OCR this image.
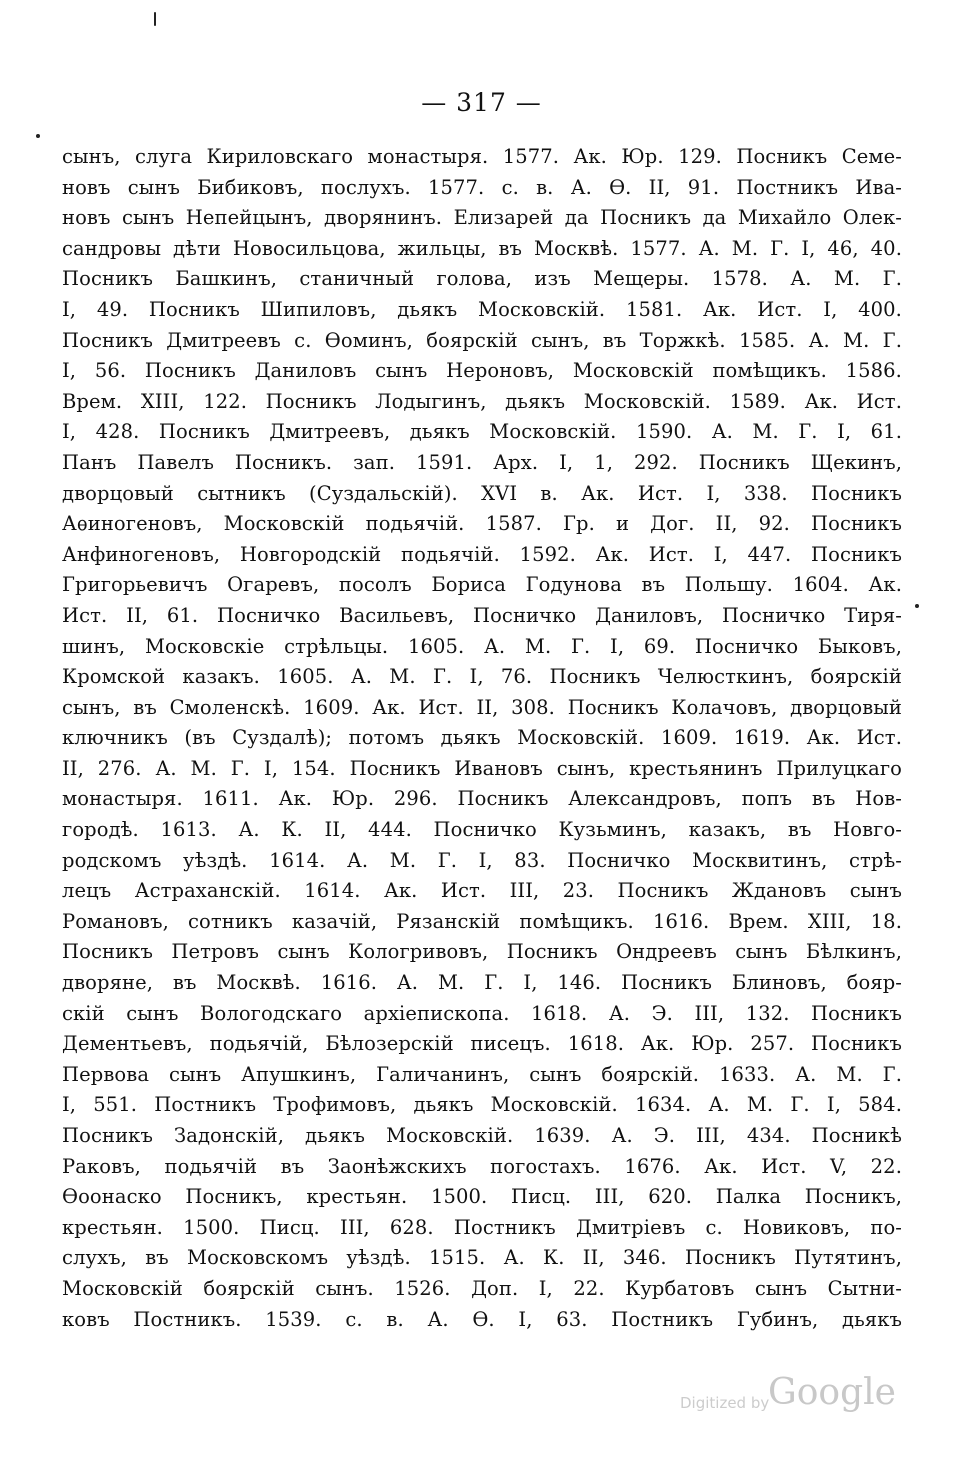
— 317 —
сынъ, слуга Кириловскаго монастыря. 1577. Ак. Юр. 129. Посникъ Семе-
новъ сынъ Бибиковъ, послухъ. 1577. с. в. А. Ѳ. II, 91. Постникъ Ива-
новъ сынъ Непейцынъ, дворянинъ. Елизарей да Посникъ да Михайло Олек-
сандровы дѣти Новосильцова, жильцы, въ Москвѣ. 1577. А. М. Г. I, 46, 40.
Посникъ Башкинъ, станичный голова, изъ Мещеры. 1578. А. М. Г.
I, 49. Посникъ Шипиловъ, дьякъ Московскій. 1581. Ак. Ист. I, 400.
Посникъ Дмитреевъ с. Ѳоминъ, боярскій сынъ, въ Торжкѣ. 1585. А. М. Г.
I, 56. Посникъ Даниловъ сынъ Нероновъ, Московскій помѣщикъ. 1586.
Врем. XIII, 122. Посникъ Лодыгинъ, дьякъ Московскій. 1589. Ак. Ист.
I, 428. Посникъ Дмитреевъ, дьякъ Московскій. 1590. А. М. Г. I, 61.
Панъ Павелъ Посникъ. зап. 1591. Арх. I, 1, 292. Посникъ Щекинъ,
дворцовый сытникъ (Суздальскій). XVI в. Ак. Ист. I, 338. Посникъ
Аѳиногеновъ, Московскій подьячій. 1587. Гр. и Дог. II, 92. Посникъ
Анфиногеновъ, Новгородскій подьячій. 1592. Ак. Ист. I, 447. Посникъ
Григорьевичъ Огаревъ, посолъ Бориса Годунова въ Польшу. 1604. Ак.
Ист. II, 61. Посничко Васильевъ, Посничко Даниловъ, Посничко Тиря-
шинъ, Московскіе стрѣльцы. 1605. А. М. Г. I, 69. Посничко Быковъ,
Кромской казакъ. 1605. А. М. Г. I, 76. Посникъ Челюсткинъ, боярскій
сынъ, въ Смоленскѣ. 1609. Ак. Ист. II, 308. Посникъ Колачовъ, дворцовый
ключникъ (въ Суздалѣ); потомъ дьякъ Московскій. 1609. 1619. Ак. Ист.
II, 276. А. М. Г. I, 154. Посникъ Ивановъ сынъ, крестьянинъ Прилуцкаго
монастыря. 1611. Ак. Юр. 296. Посникъ Александровъ, попъ въ Нов-
городѣ. 1613. А. К. II, 444. Посничко Кузьминъ, казакъ, въ Новго-
родскомъ уѣздѣ. 1614. А. М. Г. I, 83. Посничко Москвитинъ, стрѣ-
лецъ Астраханскій. 1614. Ак. Ист. III, 23. Посникъ Ждановъ сынъ
Романовъ, сотникъ казачій, Рязанскій помѣщикъ. 1616. Врем. XIII, 18.
Посникъ Петровъ сынъ Кологривовъ, Посникъ Ондреевъ сынъ Бѣлкинъ,
дворяне, въ Москвѣ. 1616. А. М. Г. I, 146. Посникъ Блиновъ, бояр-
скій сынъ Вологодскаго архіепископа. 1618. А. Э. III, 132. Посникъ
Дементьевъ, подьячій, Бѣлозерскій писецъ. 1618. Ак. Юр. 257. Посникъ
Первова сынъ Апушкинъ, Галичанинъ, сынъ боярскій. 1633. А. М. Г.
I, 551. Постникъ Трофимовъ, дьякъ Московскій. 1634. А. М. Г. I, 584.
Посникъ Задонскій, дьякъ Московскій. 1639. А. Э. III, 434. Посникѣ
Раковъ, подьячій въ Заонѣжскихъ погостахъ. 1676. Ак. Ист. V, 22.
Ѳоонаско Посникъ, крестьян. 1500. Писц. III, 620. Палка Посникъ,
крестьян. 1500. Писц. III, 628. Постникъ Дмитріевъ с. Новиковъ, по-
слухъ, въ Московскомъ уѣздѣ. 1515. А. К. II, 346. Посникъ Путятинъ,
Московскій боярскій сынъ. 1526. Доп. I, 22. Курбатовъ сынъ Сытни-
ковъ Постникъ. 1539. с. в. А. Ѳ. I, 63. Постникъ Губинъ, дьякъ
Digitized by
Google
